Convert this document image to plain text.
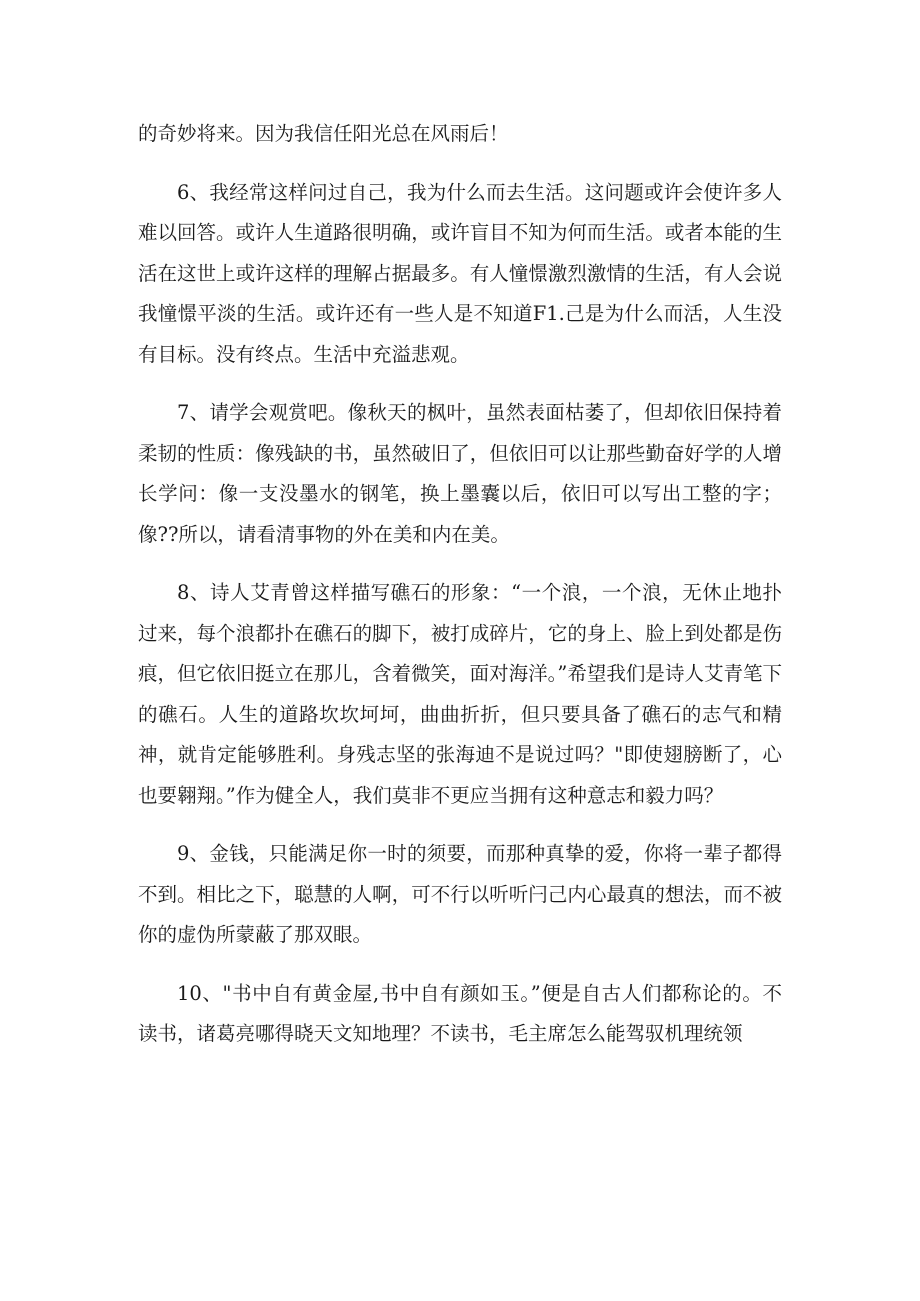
的奇妙将来。因为我信任阳光总在风雨后！

6、我经常这样问过自己，我为什么而去生活。这问题或许会使许多人难以回答。或许人生道路很明确，或许盲目不知为何而生活。或者本能的生活在这世上或许这样的理解占据最多。有人憧憬激烈激情的生活，有人会说我憧憬平淡的生活。或许还有一些人是不知道F1.己是为什么而活，人生没有目标。没有终点。生活中充溢悲观。

7、请学会观赏吧。像秋天的枫叶，虽然表面枯萎了，但却依旧保持着柔韧的性质：像残缺的书，虽然破旧了，但依旧可以让那些勤奋好学的人增长学问：像一支没墨水的钢笔，换上墨囊以后，依旧可以写出工整的字；像??所以，请看清事物的外在美和内在美。

8、诗人艾青曾这样描写礁石的形象：“一个浪，一个浪，无休止地扑过来，每个浪都扑在礁石的脚下，被打成碎片，它的身上、脸上到处都是伤痕，但它依旧挺立在那儿，含着微笑，面对海洋。”希望我们是诗人艾青笔下的礁石。人生的道路坎坎坷坷，曲曲折折，但只要具备了礁石的志气和精神，就肯定能够胜利。身残志坚的张海迪不是说过吗？"即使翅膀断了，心也要翱翔。”作为健全人，我们莫非不更应当拥有这种意志和毅力吗？

9、金钱，只能满足你一时的须要，而那种真挚的爱，你将一辈子都得不到。相比之下，聪慧的人啊，可不行以听听闩己内心最真的想法，而不被你的虚伪所蒙蔽了那双眼。

10、"书中自有黄金屋,书中自有颜如玉。”便是自古人们都称论的。不读书，诸葛亮哪得晓天文知地理？不读书，毛主席怎么能驾驭机理统领
